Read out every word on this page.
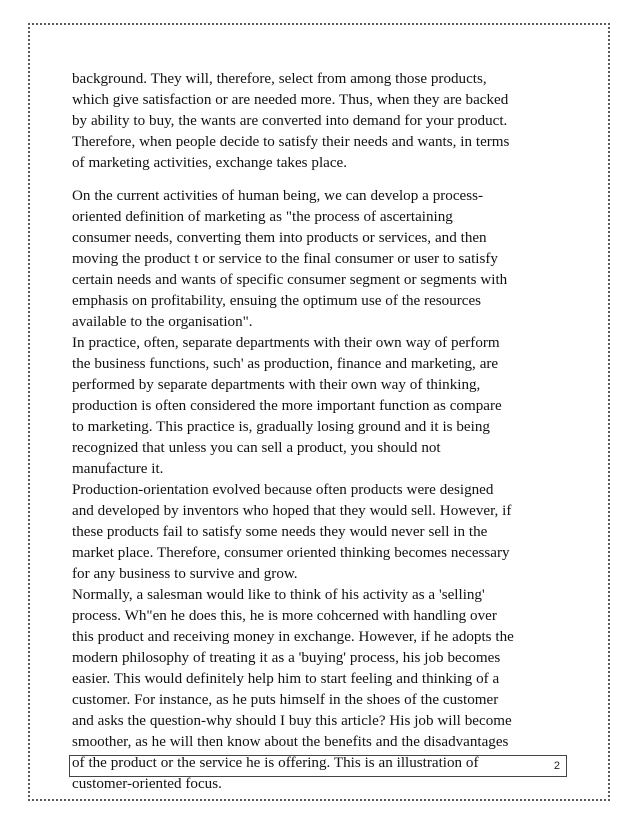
background. They will, therefore, select from among those products,
which give satisfaction or are needed more. Thus, when they are backed
by ability to buy, the wants are converted into demand for your product.
Therefore, when people decide to satisfy their needs and wants, in terms
of marketing activities, exchange takes place.
On the current activities of human being, we can develop a process-
oriented definition of marketing as "the process of ascertaining
consumer needs, converting them into products or services, and then
moving the product t or service to the final consumer or user to satisfy
certain needs and wants of specific consumer segment or segments with
emphasis on profitability, ensuing the optimum use of the resources
available to the organisation".
In practice, often, separate departments with their own way of perform
the business functions, such' as production, finance and marketing, are
performed by separate departments with their own way of thinking,
production is often considered the more important function as compare
to marketing. This practice is, gradually losing ground and it is being
recognized that unless you can sell a product, you should not
manufacture it.
Production-orientation evolved because often products were designed
and developed by inventors who hoped that they would sell. However, if
these products fail to satisfy some needs they would never sell in the
market place. Therefore, consumer oriented thinking becomes necessary
for any business to survive and grow.
Normally, a salesman would like to think of his activity as a 'selling'
process. Wh"en he does this, he is more cohcerned with handling over
this product and receiving money in exchange. However, if he adopts the
modern philosophy of treating it as a 'buying' process, his job becomes
easier. This would definitely help him to start feeling and thinking of a
customer. For instance, as he puts himself in the shoes of the customer
and asks the question-why should I buy this article? His job will become
smoother, as he will then know about the benefits and the disadvantages
of the product or the service he is offering. This is an illustration of
customer-oriented focus.
2
